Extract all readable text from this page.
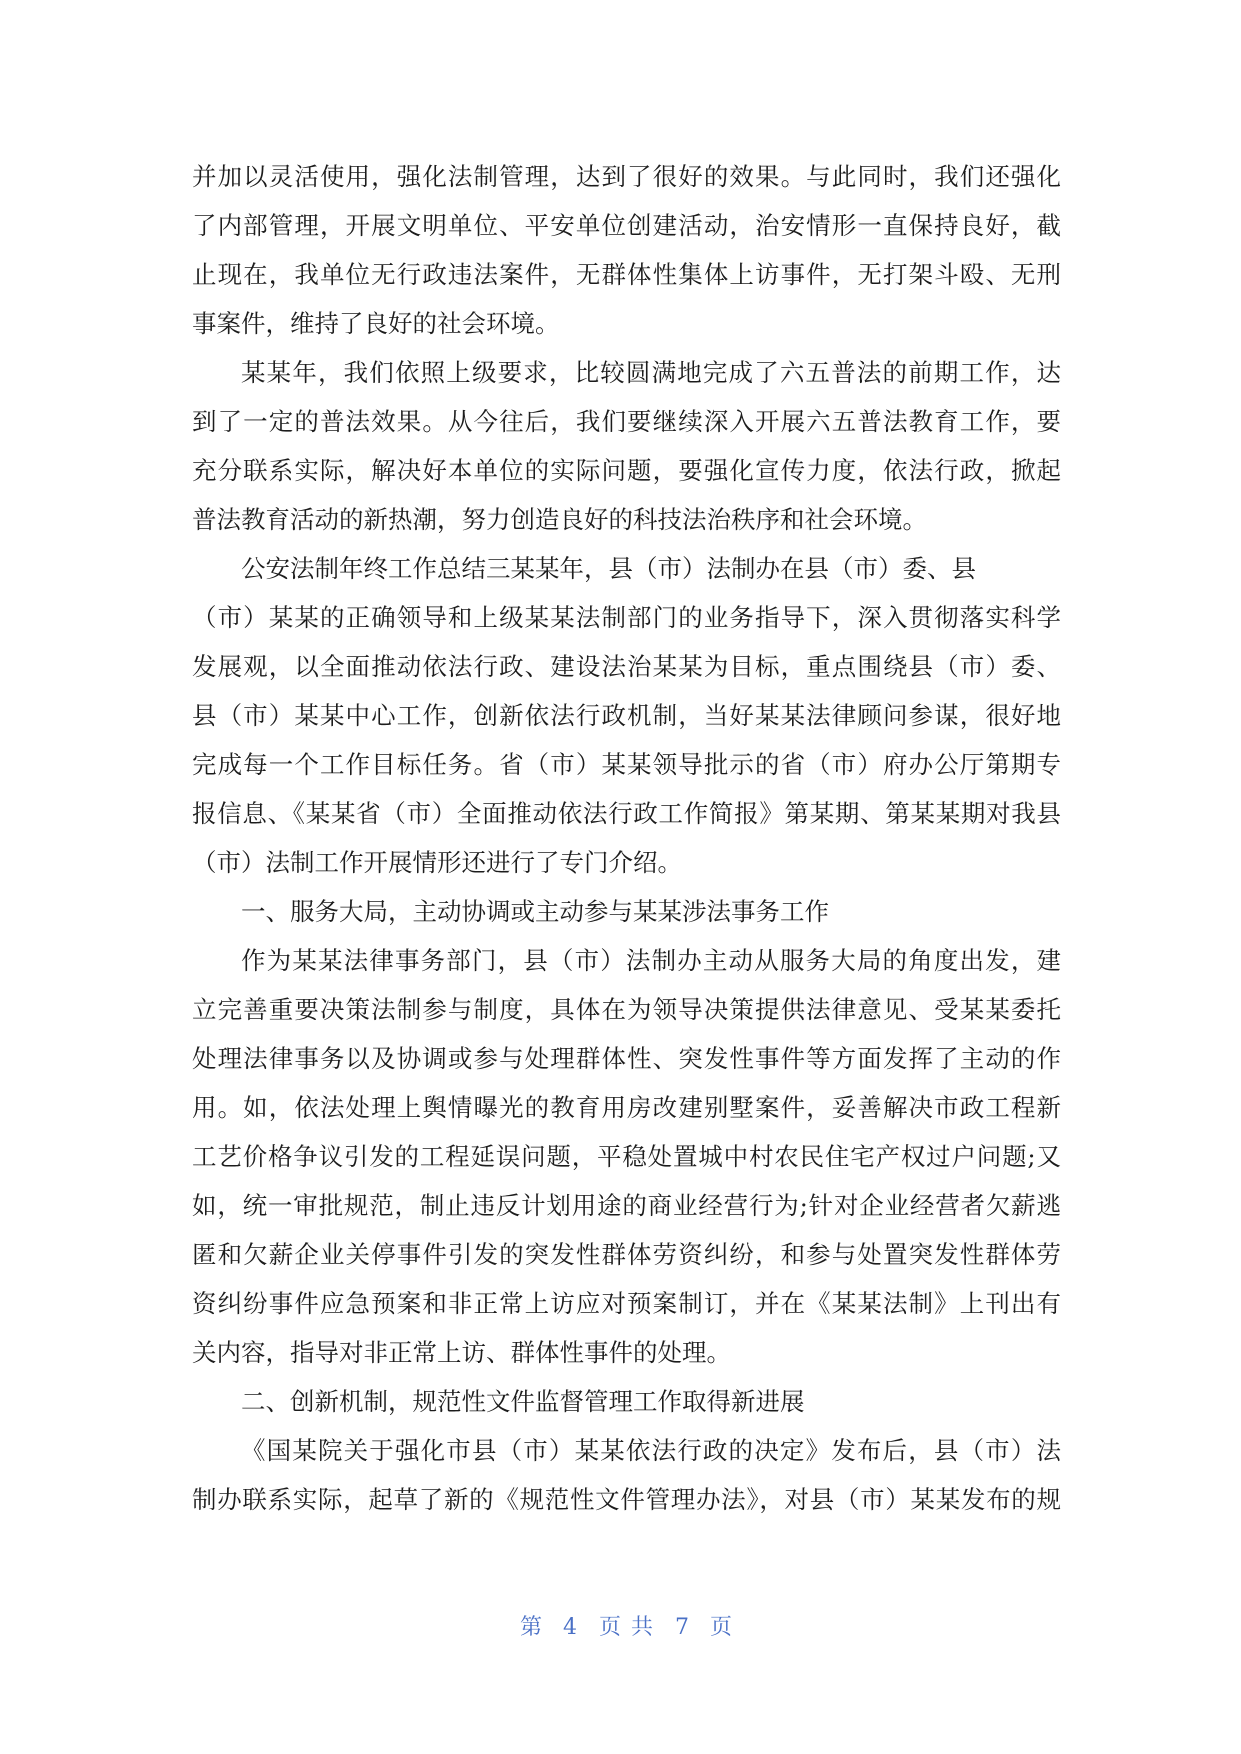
并加以灵活使用，强化法制管理，达到了很好的效果。与此同时，我们还强化
了内部管理，开展文明单位、平安单位创建活动，治安情形一直保持良好，截
止现在，我单位无行政违法案件，无群体性集体上访事件，无打架斗殴、无刑
事案件，维持了良好的社会环境。
某某年，我们依照上级要求，比较圆满地完成了六五普法的前期工作，达
到了一定的普法效果。从今往后，我们要继续深入开展六五普法教育工作，要
充分联系实际，解决好本单位的实际问题，要强化宣传力度，依法行政，掀起
普法教育活动的新热潮，努力创造良好的科技法治秩序和社会环境。
公安法制年终工作总结三某某年，县（市）法制办在县（市）委、县
（市）某某的正确领导和上级某某法制部门的业务指导下，深入贯彻落实科学
发展观，以全面推动依法行政、建设法治某某为目标，重点围绕县（市）委、
县（市）某某中心工作，创新依法行政机制，当好某某法律顾问参谋，很好地
完成每一个工作目标任务。省（市）某某领导批示的省（市）府办公厅第期专
报信息、《某某省（市）全面推动依法行政工作简报》第某期、第某某期对我县
（市）法制工作开展情形还进行了专门介绍。
一、服务大局，主动协调或主动参与某某涉法事务工作
作为某某法律事务部门，县（市）法制办主动从服务大局的角度出发，建
立完善重要决策法制参与制度，具体在为领导决策提供法律意见、受某某委托
处理法律事务以及协调或参与处理群体性、突发性事件等方面发挥了主动的作
用。如，依法处理上舆情曝光的教育用房改建别墅案件，妥善解决市政工程新
工艺价格争议引发的工程延误问题，平稳处置城中村农民住宅产权过户问题;又
如，统一审批规范，制止违反计划用途的商业经营行为;针对企业经营者欠薪逃
匿和欠薪企业关停事件引发的突发性群体劳资纠纷，和参与处置突发性群体劳
资纠纷事件应急预案和非正常上访应对预案制订，并在《某某法制》上刊出有
关内容，指导对非正常上访、群体性事件的处理。
二、创新机制，规范性文件监督管理工作取得新进展
《国某院关于强化市县（市）某某依法行政的决定》发布后，县（市）法
制办联系实际，起草了新的《规范性文件管理办法》，对县（市）某某发布的规
第 4 页 共 7 页
